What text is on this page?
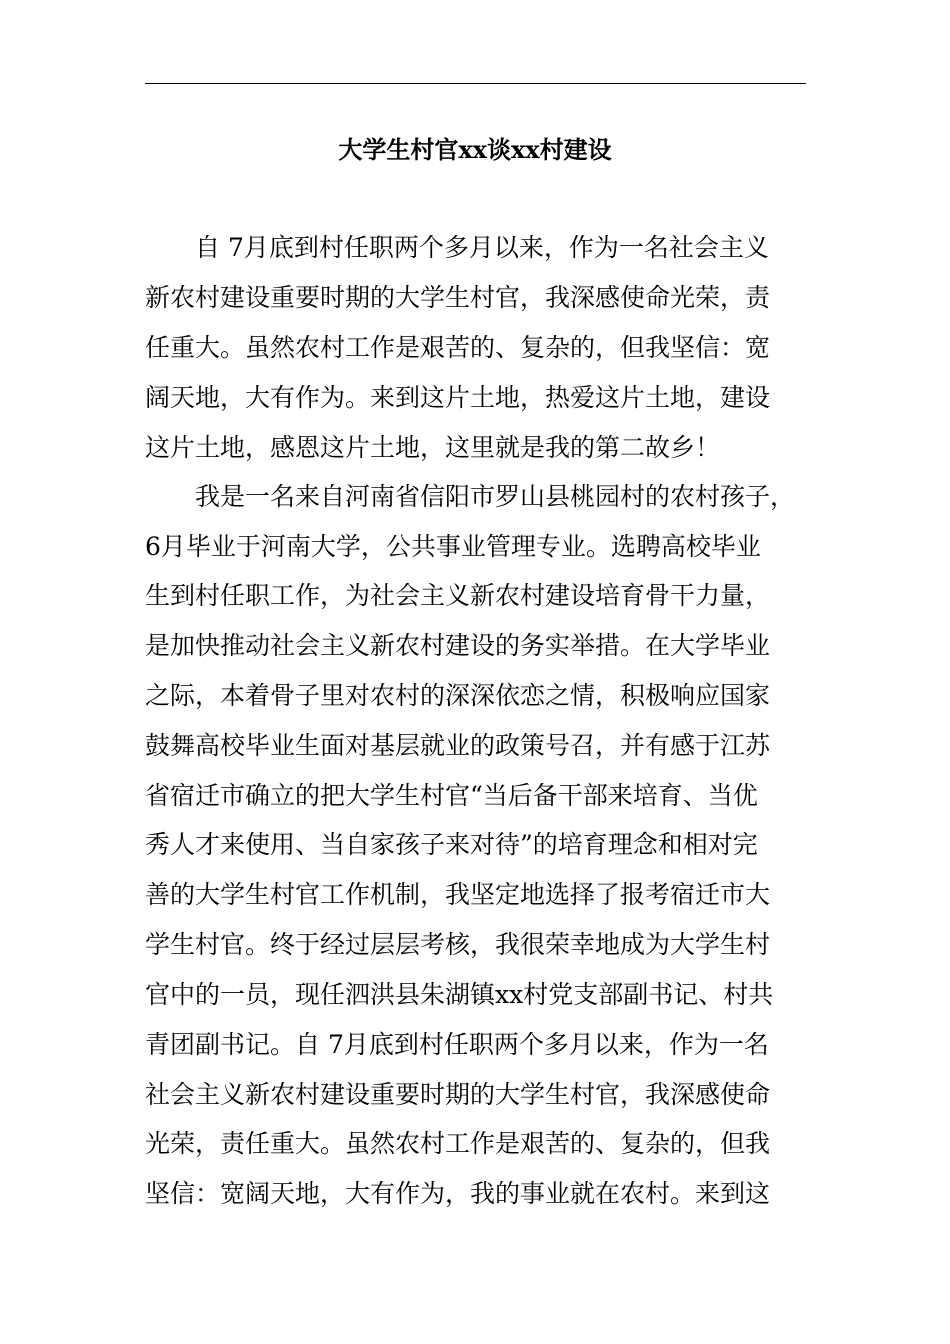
大学生村官xx谈xx村建设
　　自 7月底到村任职两个多月以来，作为一名社会主义
新农村建设重要时期的大学生村官，我深感使命光荣，责
任重大。虽然农村工作是艰苦的、复杂的，但我坚信：宽
阔天地，大有作为。来到这片土地，热爱这片土地，建设
这片土地，感恩这片土地，这里就是我的第二故乡！
　　我是一名来自河南省信阳市罗山县桃园村的农村孩子，
6月毕业于河南大学，公共事业管理专业。选聘高校毕业
生到村任职工作，为社会主义新农村建设培育骨干力量，
是加快推动社会主义新农村建设的务实举措。在大学毕业
之际，本着骨子里对农村的深深依恋之情，积极响应国家
鼓舞高校毕业生面对基层就业的政策号召，并有感于江苏
省宿迁市确立的把大学生村官“当后备干部来培育、当优
秀人才来使用、当自家孩子来对待”的培育理念和相对完
善的大学生村官工作机制，我坚定地选择了报考宿迁市大
学生村官。终于经过层层考核，我很荣幸地成为大学生村
官中的一员，现任泗洪县朱湖镇xx村党支部副书记、村共
青团副书记。自 7月底到村任职两个多月以来，作为一名
社会主义新农村建设重要时期的大学生村官，我深感使命
光荣，责任重大。虽然农村工作是艰苦的、复杂的，但我
坚信：宽阔天地，大有作为，我的事业就在农村。来到这
